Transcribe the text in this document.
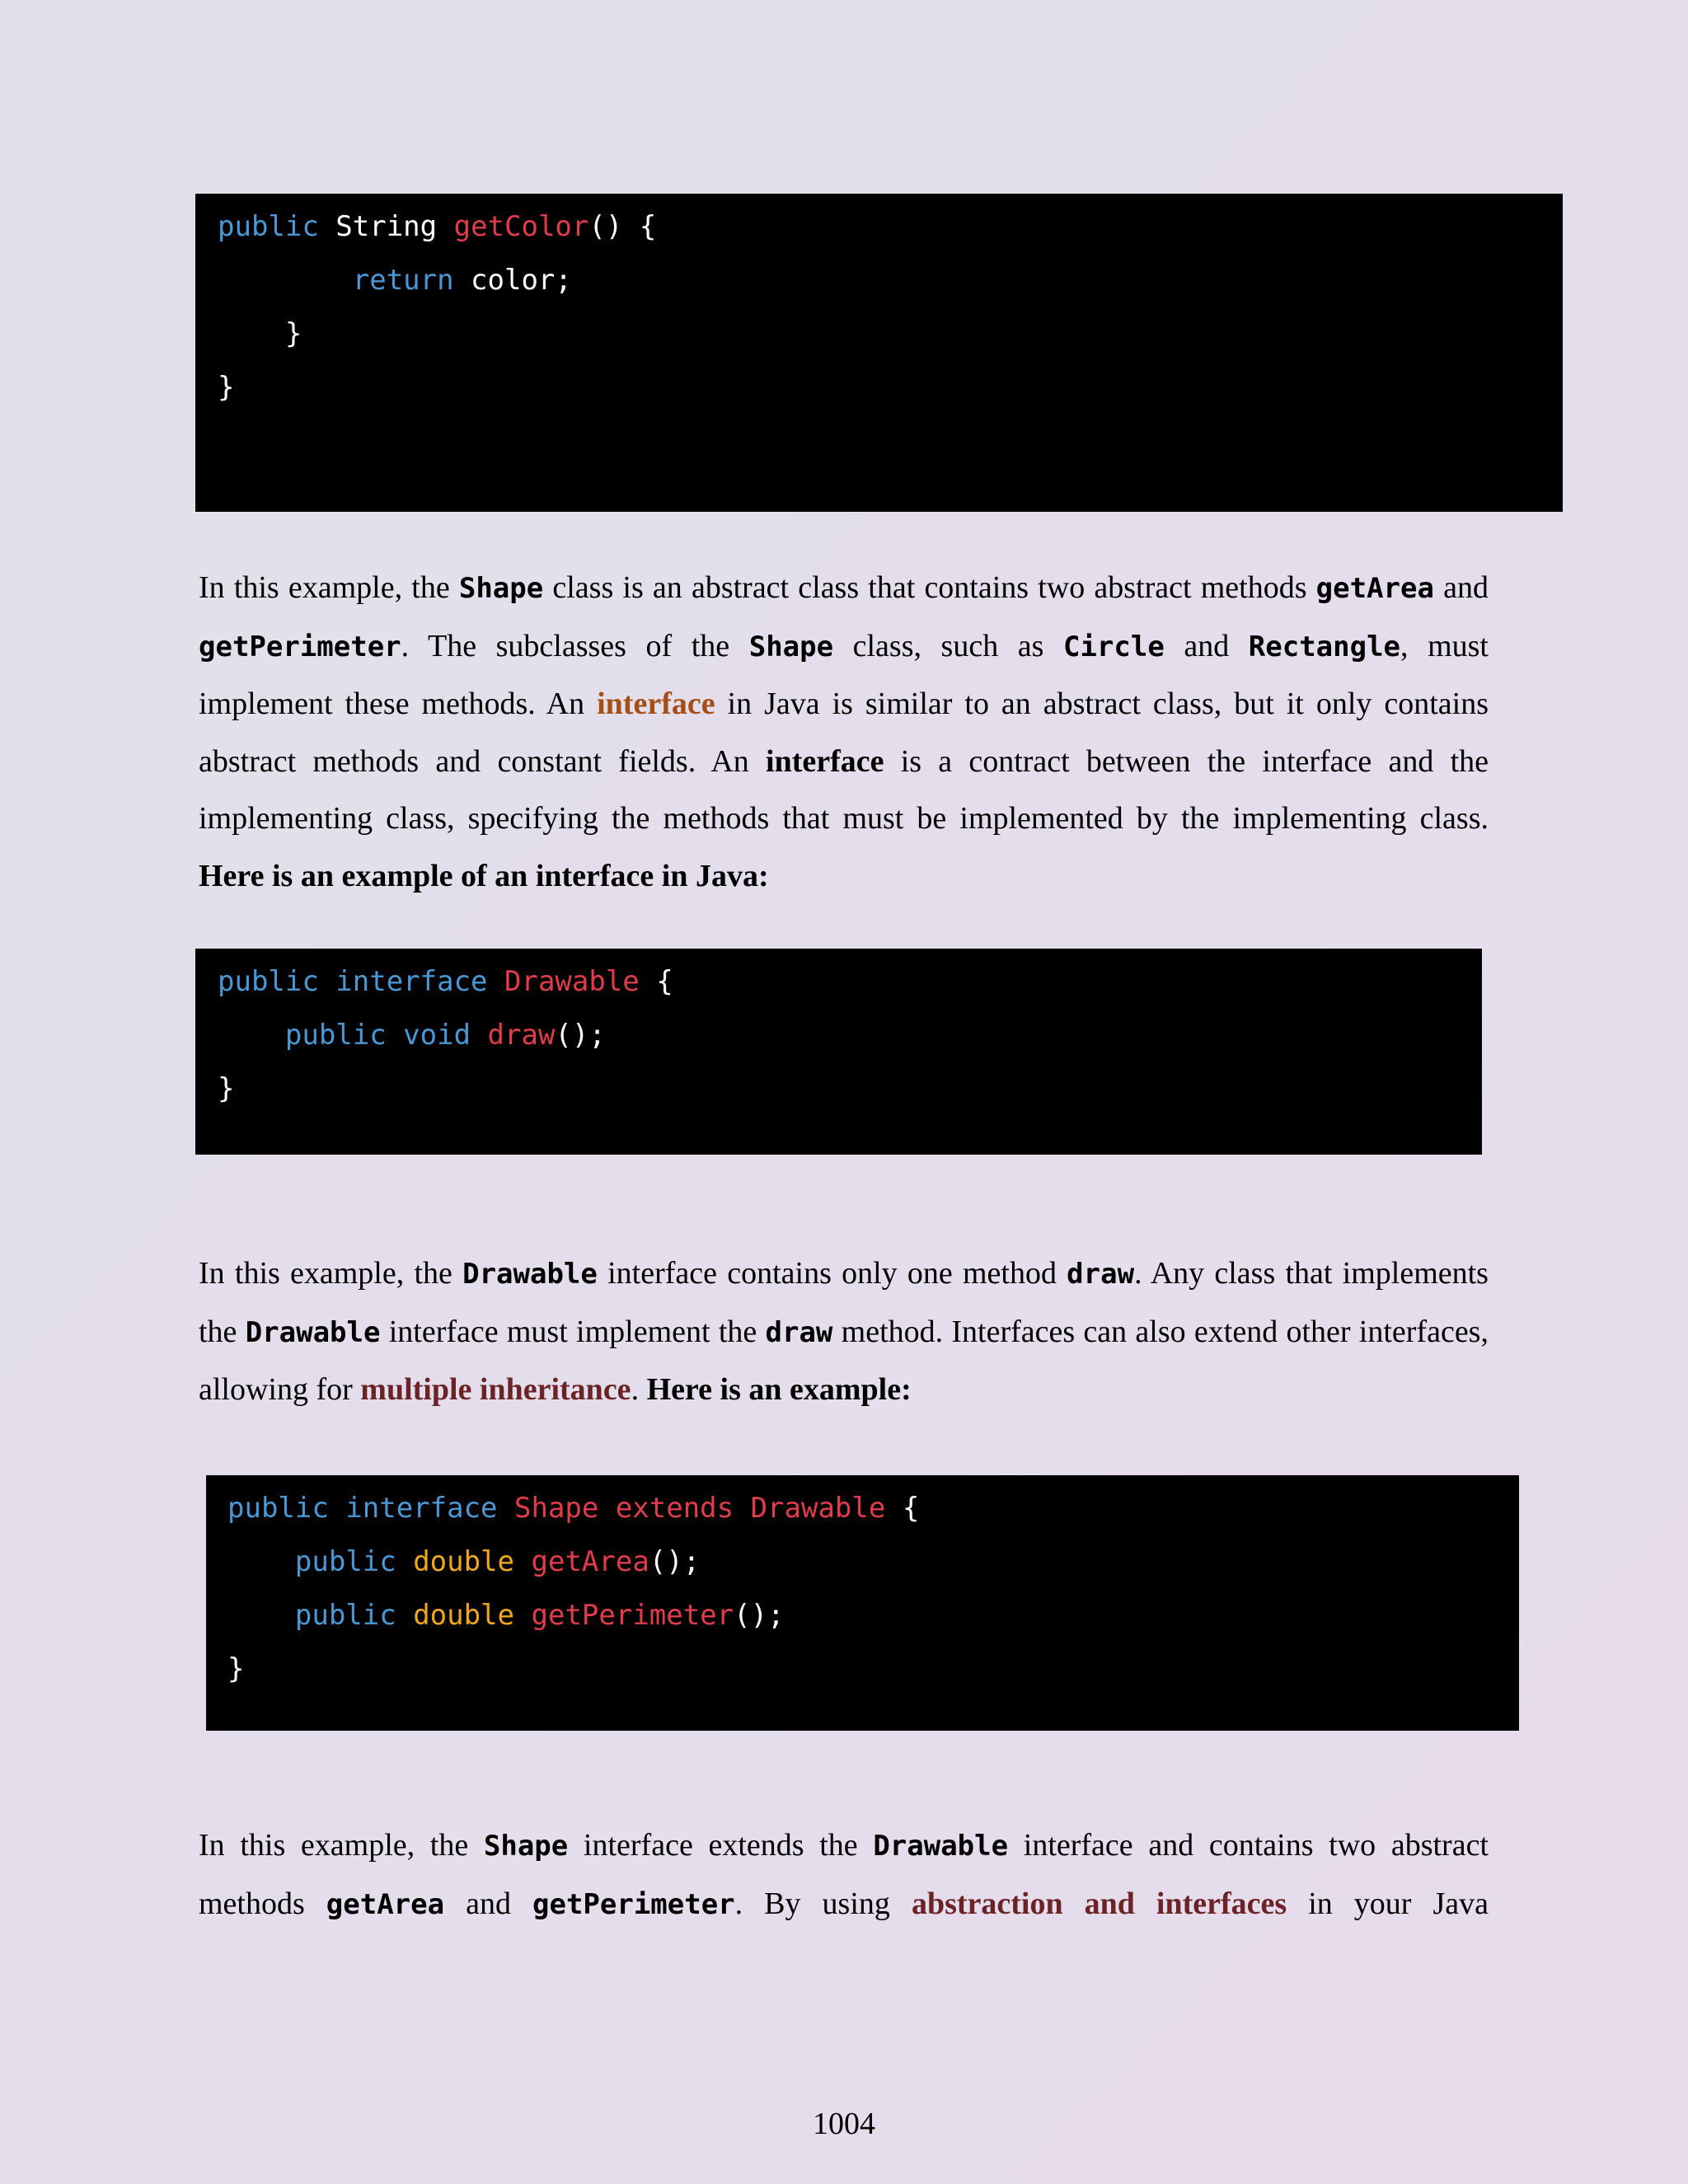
public String getColor() {
return color;
}
}
In this example, the Shape class is an abstract class that contains two abstract methods getArea and getPerimeter. The subclasses of the Shape class, such as Circle and Rectangle, must implement these methods. An interface in Java is similar to an abstract class, but it only contains abstract methods and constant fields. An interface is a contract between the interface and the implementing class, specifying the methods that must be implemented by the implementing class. Here is an example of an interface in Java:
public interface Drawable {
public void draw();
}
In this example, the Drawable interface contains only one method draw. Any class that implements the Drawable interface must implement the draw method. Interfaces can also extend other interfaces, allowing for multiple inheritance. Here is an example:
public interface Shape extends Drawable {
public double getArea();
public double getPerimeter();
}
In this example, the Shape interface extends the Drawable interface and contains two abstract methods getArea and getPerimeter. By using abstraction and interfaces in your Java
1004
